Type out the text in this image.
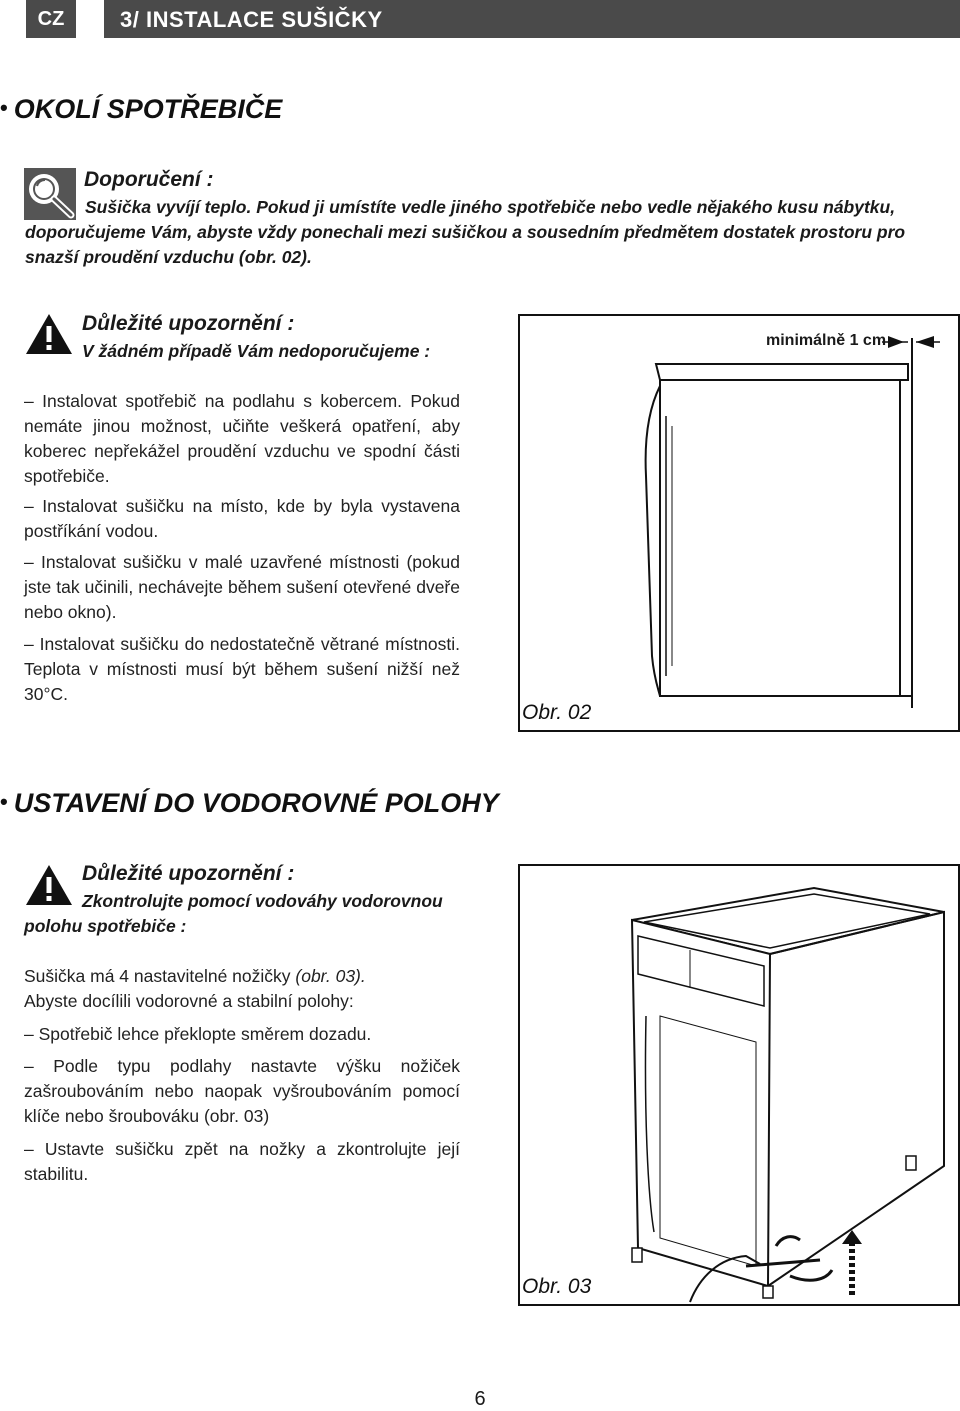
CZ	3/ INSTALACE SUŠIČKY
• OKOLÍ SPOTŘEBIČE
Doporučení :
Sušička vyvíjí teplo. Pokud ji umístíte vedle jiného spotřebiče nebo vedle nějakého kusu nábytku, doporučujeme Vám, abyste vždy ponechali mezi sušičkou a sousedním předmětem dostatek prostoru pro snazší proudění vzduchu (obr. 02).
Důležité upozornění :
V žádném případě Vám nedoporučujeme :
– Instalovat spotřebič na podlahu s kobercem. Pokud nemáte jinou možnost, učiňte veškerá opatření, aby koberec nepřekážel proudění vzduchu ve spodní části spotřebiče.
– Instalovat sušičku na místo, kde by byla vystavena postříkání vodou.
– Instalovat sušičku v malé uzavřené místnosti (pokud jste tak učinili, nechávejte během sušení otevřené dveře nebo okno).
– Instalovat sušičku do nedostatečně větrané místnosti. Teplota v místnosti musí být během sušení nižší než 30°C.
minimálně 1 cm
Obr. 02
• USTAVENÍ DO VODOROVNÉ POLOHY
Důležité upozornění :
Zkontrolujte pomocí vodováhy vodorovnou polohu spotřebiče :
Sušička má 4 nastavitelné nožičky (obr. 03).
Abyste docílili vodorovné a stabilní polohy:
– Spotřebič lehce překlopte směrem dozadu.
– Podle typu podlahy nastavte výšku nožiček zašroubováním nebo naopak vyšroubováním pomocí klíče nebo šroubováku (obr. 03)
– Ustavte sušičku zpět na nožky a zkontrolujte její stabilitu.
Obr. 03
6
